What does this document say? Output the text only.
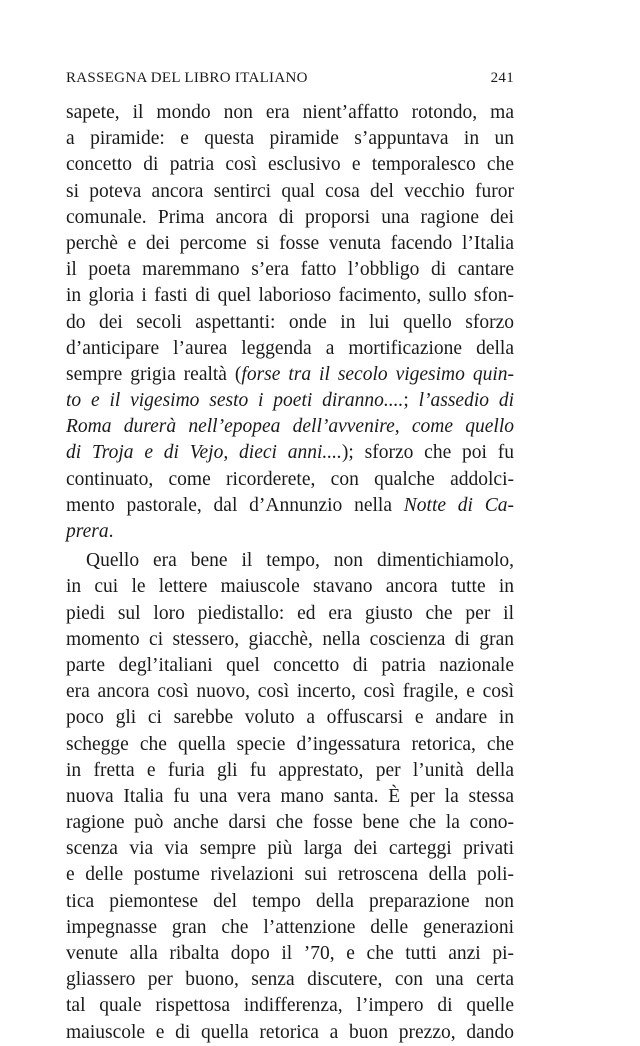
RASSEGNA DEL LIBRO ITALIANO	241
sapete, il mondo non era nient’affatto rotondo, ma
a piramide: e questa piramide s’appuntava in un
concetto di patria così esclusivo e temporalesco che
si poteva ancora sentirci qual cosa del vecchio furor
comunale. Prima ancora di proporsi una ragione dei
perchè e dei percome si fosse venuta facendo l’Italia
il poeta maremmano s’era fatto l’obbligo di cantare
in gloria i fasti di quel laborioso facimento, sullo sfon-
do dei secoli aspettanti: onde in lui quello sforzo
d’anticipare l’aurea leggenda a mortificazione della
sempre grigia realtà (forse tra il secolo vigesimo quin-
to e il vigesimo sesto i poeti diranno....; l’assedio di
Roma durerà nell’epopea dell’avvenire, come quello
di Troja e di Vejo, dieci anni....); sforzo che poi fu
continuato, come ricorderete, con qualche addolci-
mento pastorale, dal d’Annunzio nella Notte di Ca-
prera.
Quello era bene il tempo, non dimentichiamolo,
in cui le lettere maiuscole stavano ancora tutte in
piedi sul loro piedistallo: ed era giusto che per il
momento ci stessero, giacchè, nella coscienza di gran
parte degl’italiani quel concetto di patria nazionale
era ancora così nuovo, così incerto, così fragile, e così
poco gli ci sarebbe voluto a offuscarsi e andare in
schegge che quella specie d’ingessatura retorica, che
in fretta e furia gli fu apprestato, per l’unità della
nuova Italia fu una vera mano santa. È per la stessa
ragione può anche darsi che fosse bene che la cono-
scenza via via sempre più larga dei carteggi privati
e delle postume rivelazioni sui retroscena della poli-
tica piemontese del tempo della preparazione non
impegnasse gran che l’attenzione delle generazioni
venute alla ribalta dopo il ’70, e che tutti anzi pi-
gliassero per buono, senza discutere, con una certa
tal quale rispettosa indifferenza, l’impero di quelle
maiuscole e di quella retorica a buon prezzo, dando
